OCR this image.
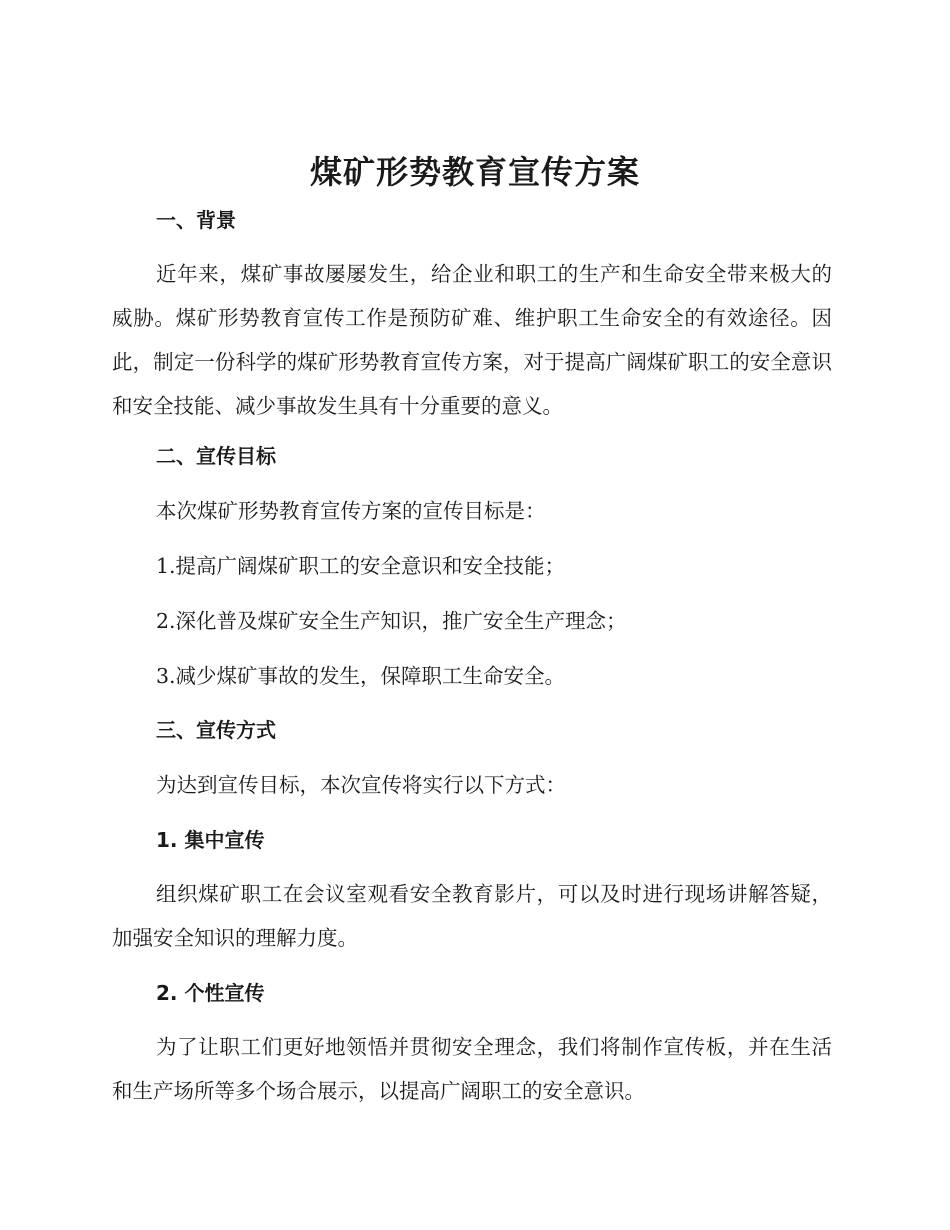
煤矿形势教育宣传方案
一、背景

近年来，煤矿事故屡屡发生，给企业和职工的生产和生命安全带来极大的威胁。煤矿形势教育宣传工作是预防矿难、维护职工生命安全的有效途径。因此，制定一份科学的煤矿形势教育宣传方案，对于提高广阔煤矿职工的安全意识和安全技能、减少事故发生具有十分重要的意义。

二、宣传目标

本次煤矿形势教育宣传方案的宣传目标是：

1.提高广阔煤矿职工的安全意识和安全技能；

2.深化普及煤矿安全生产知识，推广安全生产理念；

3.减少煤矿事故的发生，保障职工生命安全。

三、宣传方式

为达到宣传目标，本次宣传将实行以下方式：

1. 集中宣传

组织煤矿职工在会议室观看安全教育影片，可以及时进行现场讲解答疑，加强安全知识的理解力度。

2. 个性宣传

为了让职工们更好地领悟并贯彻安全理念，我们将制作宣传板，并在生活和生产场所等多个场合展示，以提高广阔职工的安全意识。
